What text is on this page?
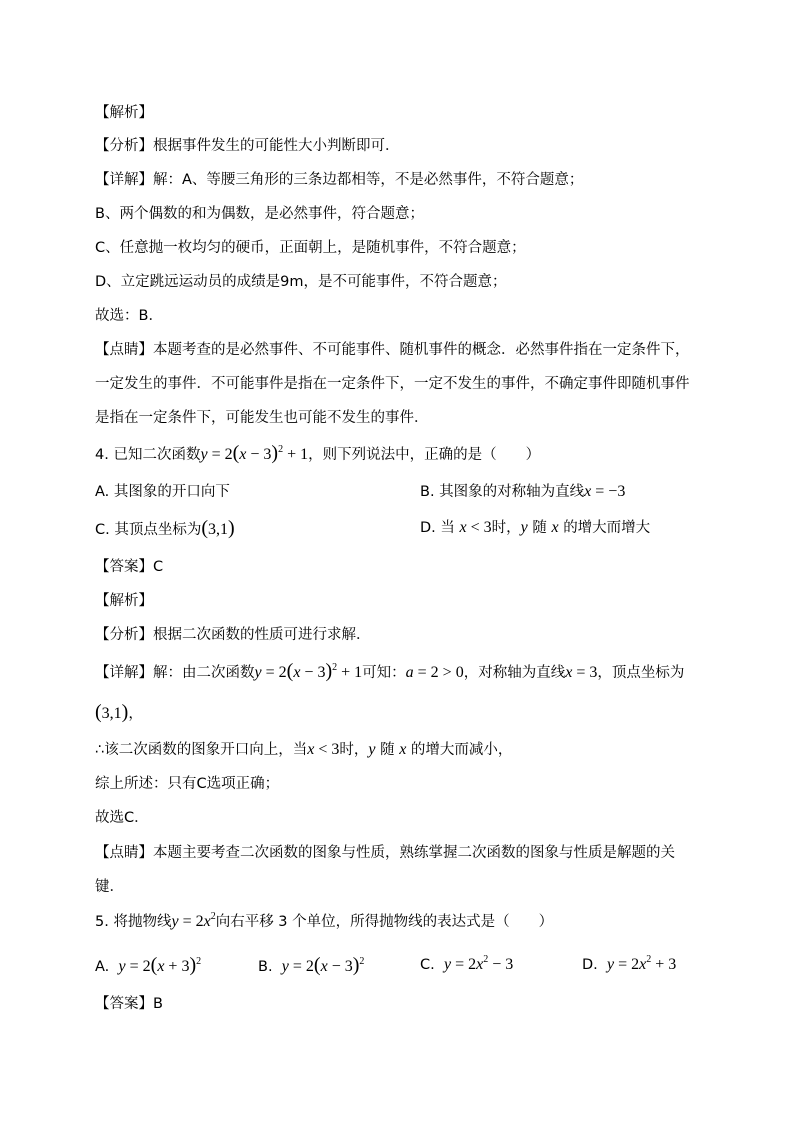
【解析】
【分析】根据事件发生的可能性大小判断即可．
【详解】解：A、等腰三角形的三条边都相等，不是必然事件，不符合题意；
B、两个偶数的和为偶数，是必然事件，符合题意；
C、任意抛一枚均匀的硬币，正面朝上，是随机事件，不符合题意；
D、立定跳远运动员的成绩是9m，是不可能事件，不符合题意；
故选：B．
【点睛】本题考查的是必然事件、不可能事件、随机事件的概念．必然事件指在一定条件下，
一定发生的事件．不可能事件是指在一定条件下，一定不发生的事件，不确定事件即随机事件
是指在一定条件下，可能发生也可能不发生的事件．
4. 已知二次函数$y = 2(x - 3)^2 + 1$，则下列说法中，正确的是（　　）
A. 其图象的开口向下	B. 其图象的对称轴为直线x = −3
C. 其顶点坐标为(3,1)	D. 当 x < 3时，y 随 x 的增大而增大
【答案】C
【解析】
【分析】根据二次函数的性质可进行求解．
【详解】解：由二次函数$y = 2(x - 3)^2 + 1$可知：a = 2 > 0，对称轴为直线x = 3，顶点坐标为
(3,1)，
∴该二次函数的图象开口向上，当x < 3时，y 随 x 的增大而减小，
综上所述：只有C选项正确；
故选C．
【点睛】本题主要考查二次函数的图象与性质，熟练掌握二次函数的图象与性质是解题的关
键．
5. 将抛物线$y = 2x^2$向右平移 3 个单位，所得抛物线的表达式是（　　）
A. $y = 2(x + 3)^2$	B. $y = 2(x - 3)^2$	C. $y = 2x^2 - 3$	D. $y = 2x^2 + 3$
【答案】B
